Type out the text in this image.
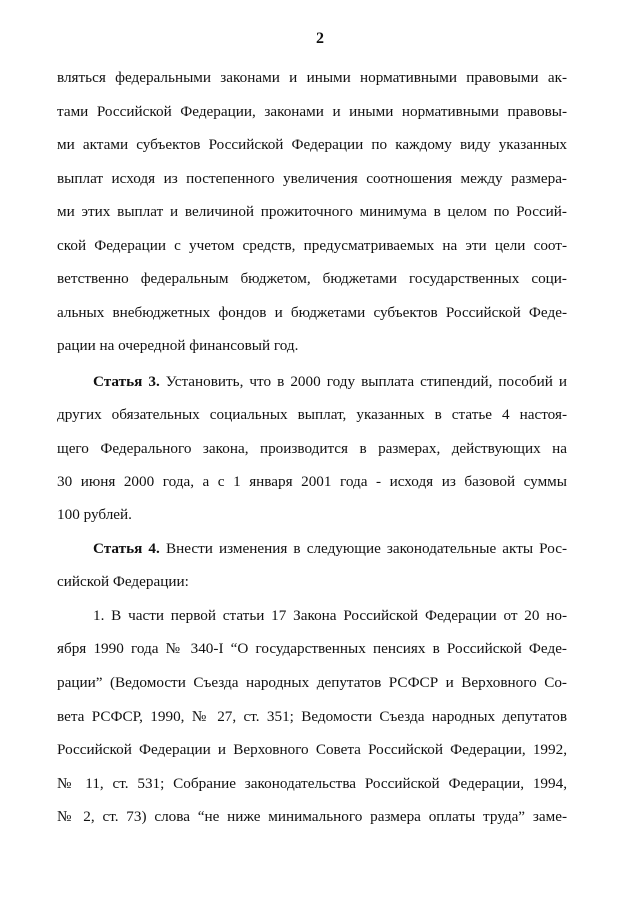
2
вляться федеральными законами и иными нормативными правовыми ак-
тами Российской Федерации, законами и иными нормативными правовы-
ми актами субъектов Российской Федерации по каждому виду указанных
выплат исходя из постепенного увеличения соотношения между размера-
ми этих выплат и величиной прожиточного минимума в целом по Россий-
ской Федерации с учетом средств, предусматриваемых на эти цели соот-
ветственно федеральным бюджетом, бюджетами государственных соци-
альных внебюджетных фондов и бюджетами субъектов Российской Феде-
рации на очередной финансовый год.
Статья 3. Установить, что в 2000 году выплата стипендий, пособий и
других обязательных социальных выплат, указанных в статье 4 настоя-
щего Федерального закона, производится в размерах, действующих на
30 июня 2000 года, а с 1 января 2001 года - исходя из базовой суммы
100 рублей.
Статья 4. Внести изменения в следующие законодательные акты Рос-
сийской Федерации:
1. В части первой статьи 17 Закона Российской Федерации от 20 но-
ября 1990 года № 340-I “О государственных пенсиях в Российской Феде-
рации” (Ведомости Съезда народных депутатов РСФСР и Верховного Со-
вета РСФСР, 1990, № 27, ст. 351; Ведомости Съезда народных депутатов
Российской Федерации и Верховного Совета Российской Федерации, 1992,
№ 11, ст. 531; Собрание законодательства Российской Федерации, 1994,
№ 2, ст. 73) слова “не ниже минимального размера оплаты труда” заме-
